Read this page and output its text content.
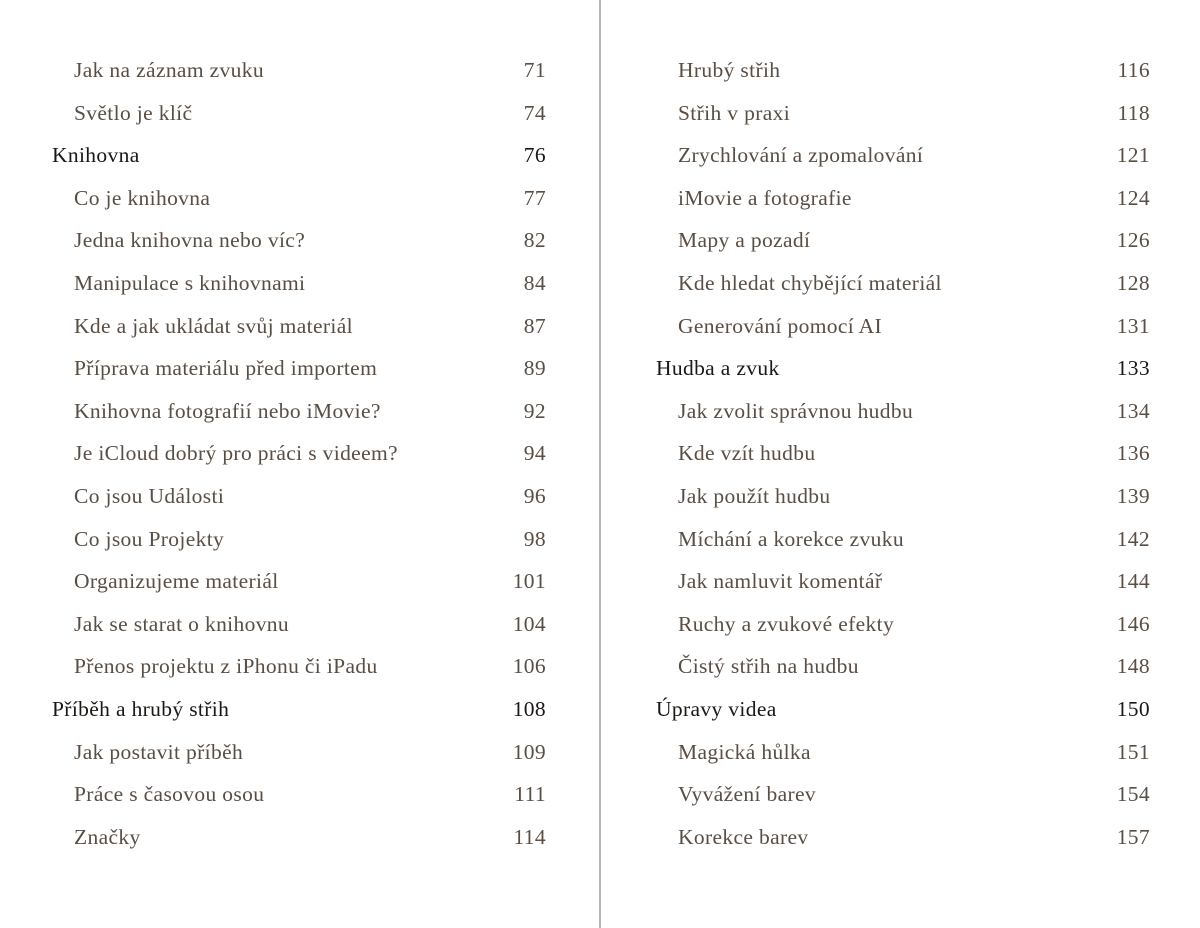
Jak na záznam zvuku	71
Světlo je klíč	74
Knihovna	76
Co je knihovna	77
Jedna knihovna nebo víc?	82
Manipulace s knihovnami	84
Kde a jak ukládat svůj materiál	87
Příprava materiálu před importem	89
Knihovna fotografií nebo iMovie?	92
Je iCloud dobrý pro práci s videem?	94
Co jsou Události	96
Co jsou Projekty	98
Organizujeme materiál	101
Jak se starat o knihovnu	104
Přenos projektu z iPhonu či iPadu	106
Příběh a hrubý střih	108
Jak postavit příběh	109
Práce s časovou osou	111
Značky	114
Hrubý střih	116
Střih v praxi	118
Zrychlování a zpomalování	121
iMovie a fotografie	124
Mapy a pozadí	126
Kde hledat chybějící materiál	128
Generování pomocí AI	131
Hudba a zvuk	133
Jak zvolit správnou hudbu	134
Kde vzít hudbu	136
Jak použít hudbu	139
Míchání a korekce zvuku	142
Jak namluvit komentář	144
Ruchy a zvukové efekty	146
Čistý střih na hudbu	148
Úpravy videa	150
Magická hůlka	151
Vyvážení barev	154
Korekce barev	157
